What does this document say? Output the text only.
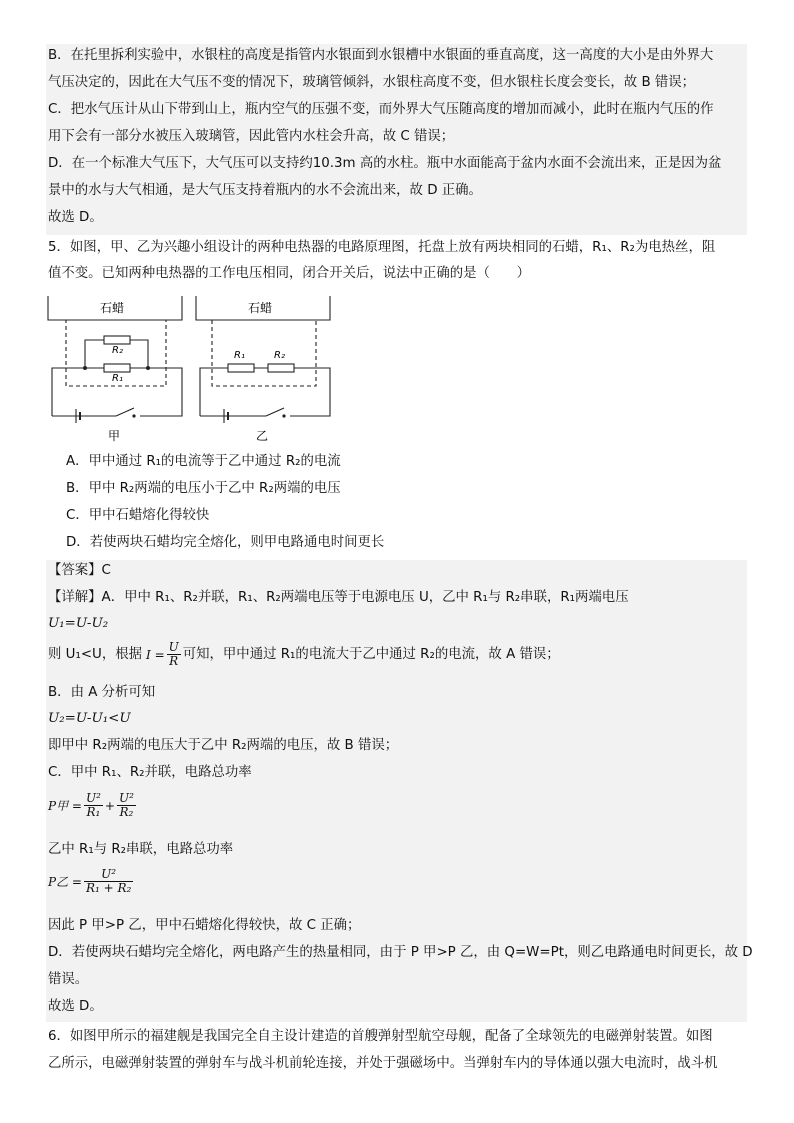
B．在托里拆利实验中，水银柱的高度是指管内水银面到水银槽中水银面的垂直高度，这一高度的大小是由外界大
气压决定的，因此在大气压不变的情况下，玻璃管倾斜，水银柱高度不变，但水银柱长度会变长，故 B 错误；
C．把水气压计从山下带到山上，瓶内空气的压强不变，而外界大气压随高度的增加而减小，此时在瓶内气压的作
用下会有一部分水被压入玻璃管，因此管内水柱会升高，故 C 错误；
D．在一个标准大气压下，大气压可以支持约10.3m 高的水柱。瓶中水面能高于盆内水面不会流出来，正是因为盆
景中的水与大气相通，是大气压支持着瓶内的水不会流出来，故 D 正确。
故选 D。
5．如图，甲、乙为兴趣小组设计的两种电热器的电路原理图，托盘上放有两块相同的石蜡，R₁、R₂为电热丝，阻
值不变。已知两种电热器的工作电压相同，闭合开关后，说法中正确的是（　　）
石蜡	石蜡
R₂
R₁
R₁	R₂
甲	乙
A．甲中通过 R₁的电流等于乙中通过 R₂的电流
B．甲中 R₂两端的电压小于乙中 R₂两端的电压
C．甲中石蜡熔化得较快
D．若使两块石蜡均完全熔化，则甲电路通电时间更长
【答案】C
【详解】A．甲中 R₁、R₂并联，R₁、R₂两端电压等于电源电压 U，乙中 R₁与 R₂串联，R₁两端电压
U₁=U-U₂
则 U₁<U，根据 $I = \frac{U}{R}$ 可知，甲中通过 R₁的电流大于乙中通过 R₂的电流，故 A 错误；
B．由 A 分析可知
U₂=U-U₁<U
即甲中 R₂两端的电压大于乙中 R₂两端的电压，故 B 错误；
C．甲中 R₁、R₂并联，电路总功率
P甲 = $\frac{\text{U²}}{\text{R₁}} + \frac{\text{U²}}{\text{R₂}}$
乙中 R₁与 R₂串联，电路总功率
P乙 = $\frac{\text{U²}}{\text{R₁ + R₂}}$
因此 P 甲>P 乙，甲中石蜡熔化得较快，故 C 正确；
D．若使两块石蜡均完全熔化，两电路产生的热量相同，由于 P 甲>P 乙，由 Q=W=Pt，则乙电路通电时间更长，故 D
错误。
故选 D。
6．如图甲所示的福建舰是我国完全自主设计建造的首艘弹射型航空母舰，配备了全球领先的电磁弹射装置。如图
乙所示，电磁弹射装置的弹射车与战斗机前轮连接，并处于强磁场中。当弹射车内的导体通以强大电流时，战斗机
